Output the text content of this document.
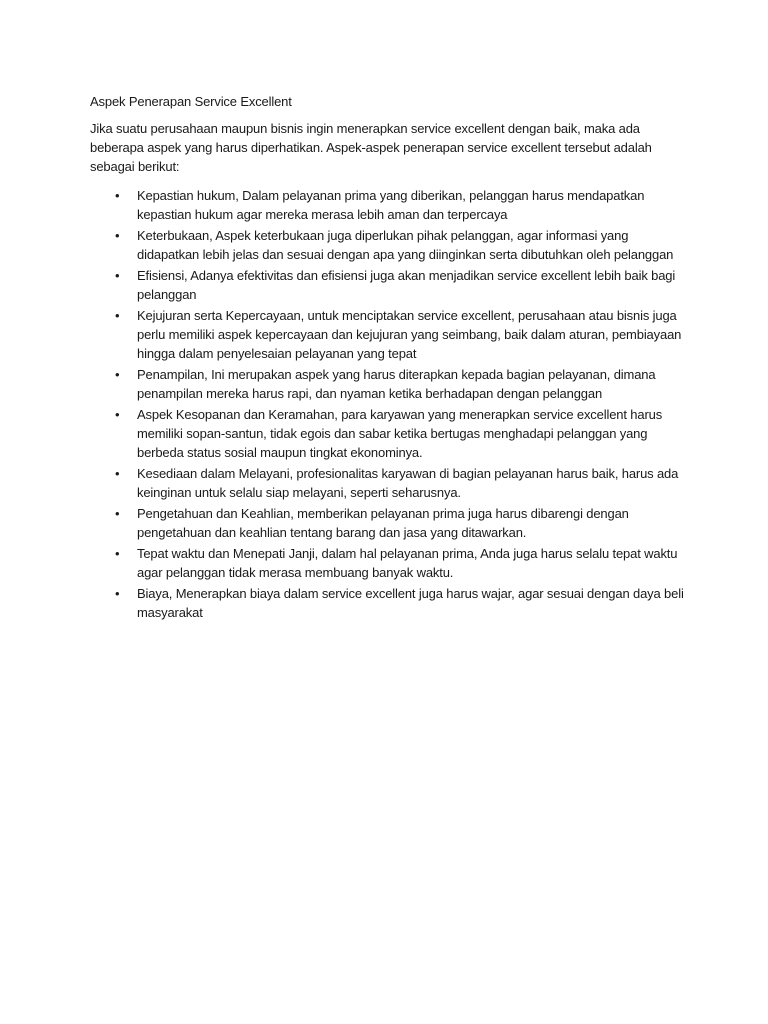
Aspek Penerapan Service Excellent

Jika suatu perusahaan maupun bisnis ingin menerapkan service excellent dengan baik, maka ada beberapa aspek yang harus diperhatikan. Aspek-aspek penerapan service excellent tersebut adalah sebagai berikut:

• Kepastian hukum, Dalam pelayanan prima yang diberikan, pelanggan harus mendapatkan kepastian hukum agar mereka merasa lebih aman dan terpercaya
• Keterbukaan, Aspek keterbukaan juga diperlukan pihak pelanggan, agar informasi yang didapatkan lebih jelas dan sesuai dengan apa yang diinginkan serta dibutuhkan oleh pelanggan
• Efisiensi, Adanya efektivitas dan efisiensi juga akan menjadikan service excellent lebih baik bagi pelanggan
• Kejujuran serta Kepercayaan, untuk menciptakan service excellent, perusahaan atau bisnis juga perlu memiliki aspek kepercayaan dan kejujuran yang seimbang, baik dalam aturan, pembiayaan hingga dalam penyelesaian pelayanan yang tepat
• Penampilan, Ini merupakan aspek yang harus diterapkan kepada bagian pelayanan, dimana penampilan mereka harus rapi, dan nyaman ketika berhadapan dengan pelanggan
• Aspek Kesopanan dan Keramahan, para karyawan yang menerapkan service excellent harus memiliki sopan-santun, tidak egois dan sabar ketika bertugas menghadapi pelanggan yang berbeda status sosial maupun tingkat ekonominya.
• Kesediaan dalam Melayani, profesionalitas karyawan di bagian pelayanan harus baik, harus ada keinginan untuk selalu siap melayani, seperti seharusnya.
• Pengetahuan dan Keahlian, memberikan pelayanan prima juga harus dibarengi dengan pengetahuan dan keahlian tentang barang dan jasa yang ditawarkan.
• Tepat waktu dan Menepati Janji, dalam hal pelayanan prima, Anda juga harus selalu tepat waktu agar pelanggan tidak merasa membuang banyak waktu.
• Biaya, Menerapkan biaya dalam service excellent juga harus wajar, agar sesuai dengan daya beli masyarakat
